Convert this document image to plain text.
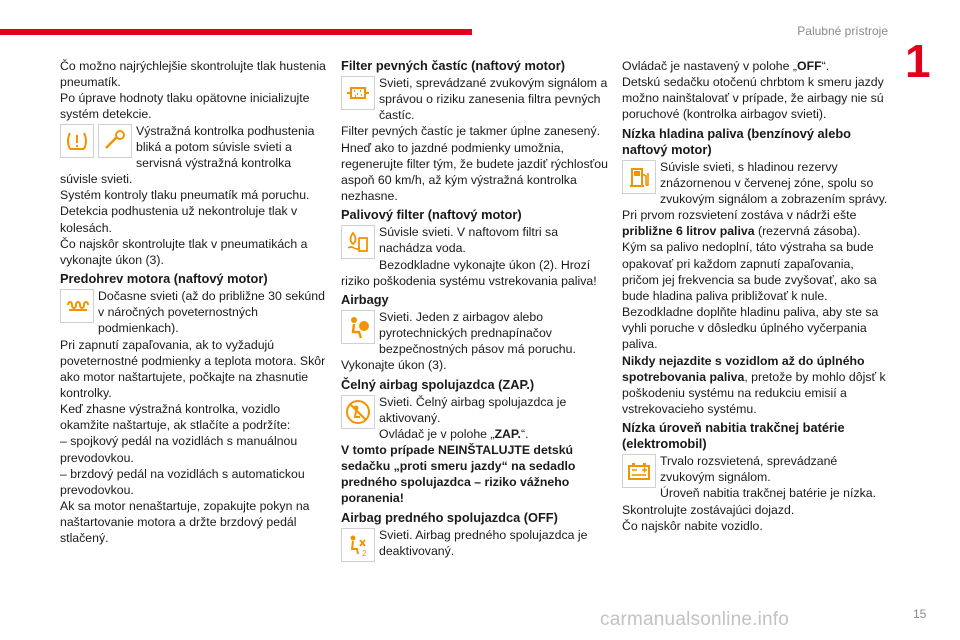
Palubné prístroje
1

Čo možno najrýchlejšie skontrolujte tlak hustenia pneumatík.

Po úprave hodnoty tlaku opätovne inicializujte systém detekcie.

Výstražná kontrolka podhustenia bliká a potom súvisle svieti a servisná výstražná kontrolka súvisle svieti.

Systém kontroly tlaku pneumatík má poruchu.

Detekcia podhustenia už nekontroluje tlak v kolesách.

Čo najskôr skontrolujte tlak v pneumatikách a vykonajte úkon (3).

Predohrev motora (naftový motor)

Dočasne svieti (až do približne 30 sekúnd v náročných poveternostných podmienkach).

Pri zapnutí zapaľovania, ak to vyžadujú poveternostné podmienky a teplota motora. Skôr ako motor naštartujete, počkajte na zhasnutie kontrolky.

Keď zhasne výstražná kontrolka, vozidlo okamžite naštartuje, ak stlačíte a podržíte:

– spojkový pedál na vozidlách s manuálnou prevodovkou.

– brzdový pedál na vozidlách s automatickou prevodovkou.

Ak sa motor nenaštartuje, zopakujte pokyn na naštartovanie motora a držte brzdový pedál stlačený.

Filter pevných častíc (naftový motor)

Svieti, sprevádzané zvukovým signálom a správou o riziku zanesenia filtra pevných častíc.

Filter pevných častíc je takmer úplne zanesený.

Hneď ako to jazdné podmienky umožnia, regenerujte filter tým, že budete jazdiť rýchlosťou aspoň 60 km/h, až kým výstražná kontrolka nezhasne.

Palivový filter (naftový motor)

Súvisle svieti. V naftovom filtri sa nachádza voda.

Bezodkladne vykonajte úkon (2). Hrozí riziko poškodenia systému vstrekovania paliva!

Airbagy

Svieti. Jeden z airbagov alebo pyrotechnických prednapínačov bezpečnostných pásov má poruchu.

Vykonajte úkon (3).

Čelný airbag spolujazdca (ZAP.)

Svieti. Čelný airbag spolujazdca je aktivovaný.

Ovládač je v polohe „ZAP.“.

V tomto prípade NEINŠTALUJTE detskú sedačku „proti smeru jazdy“ na sedadlo predného spolujazdca – riziko vážneho poranenia!

Airbag predného spolujazdca (OFF)
2

Svieti. Airbag predného spolujazdca je deaktivovaný.

Ovládač je nastavený v polohe „OFF“.

Detskú sedačku otočenú chrbtom k smeru jazdy možno nainštalovať v prípade, že airbagy nie sú poruchové (kontrolka airbagov svieti).

Nízka hladina paliva (benzínový alebo naftový motor)

Súvisle svieti, s hladinou rezervy znázornenou v červenej zóne, spolu so zvukovým signálom a zobrazením správy.

Pri prvom rozsvietení zostáva v nádrži ešte približne 6 litrov paliva (rezervná zásoba).

Kým sa palivo nedoplní, táto výstraha sa bude opakovať pri každom zapnutí zapaľovania, pričom jej frekvencia sa bude zvyšovať, ako sa bude hladina paliva približovať k nule.

Bezodkladne doplňte hladinu paliva, aby ste sa vyhli poruche v dôsledku úplného vyčerpania paliva.

Nikdy nejazdite s vozidlom až do úplného spotrebovania paliva, pretože by mohlo dôjsť k poškodeniu systému na redukciu emisií a vstrekovacieho systému.

Nízka úroveň nabitia trakčnej batérie (elektromobil)

Trvalo rozsvietená, sprevádzané zvukovým signálom.

Úroveň nabitia trakčnej batérie je nízka.

Skontrolujte zostávajúci dojazd.

Čo najskôr nabite vozidlo.

carmanualsonline.info	15
